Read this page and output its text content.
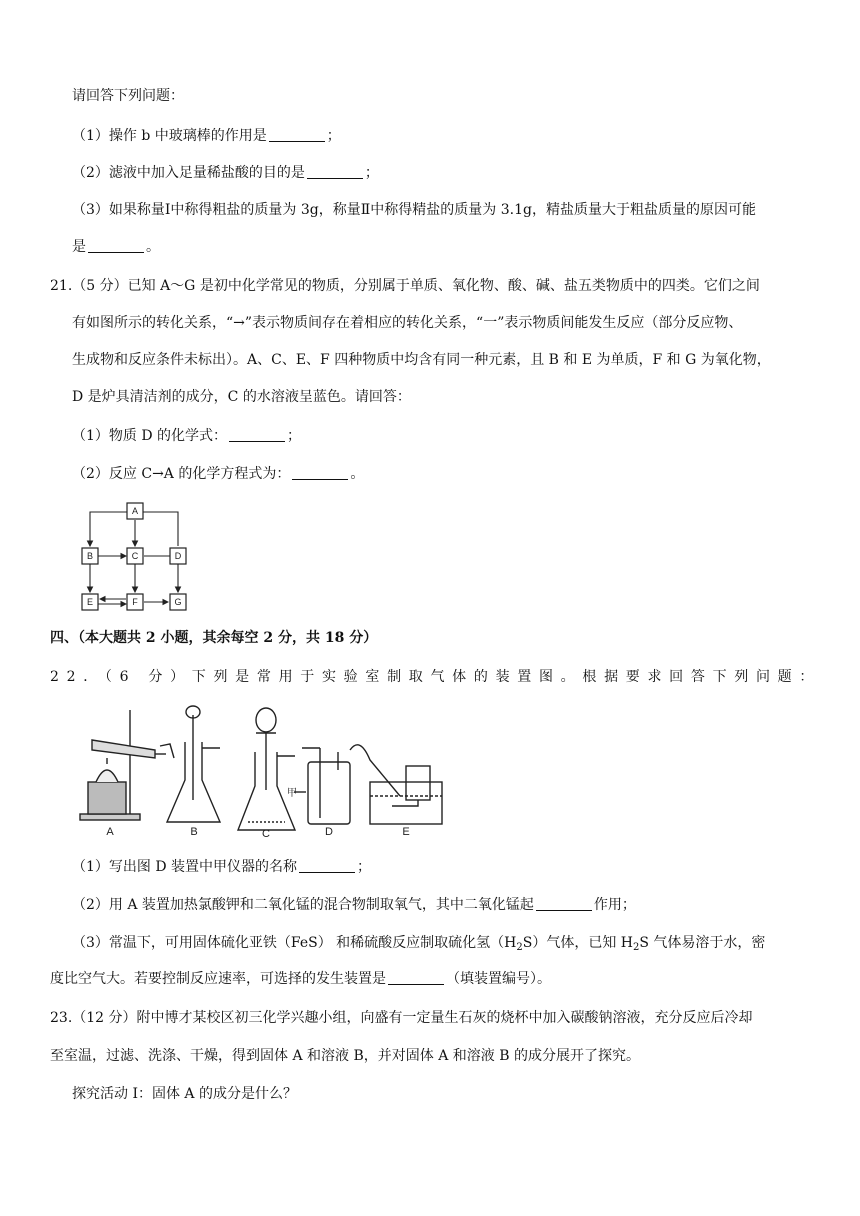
请回答下列问题：
（1）操作 b 中玻璃棒的作用是	；
（2）滤液中加入足量稀盐酸的目的是	；
（3）如果称量Ⅰ中称得粗盐的质量为 3g，称量Ⅱ中称得精盐的质量为 3.1g，精盐质量大于粗盐质量的原因可能
是	。
21.（5 分）已知 A～G 是初中化学常见的物质，分别属于单质、氧化物、酸、碱、盐五类物质中的四类。它们之间
有如图所示的转化关系，“→”表示物质间存在着相应的转化关系，“一”表示物质间能发生反应（部分反应物、
生成物和反应条件未标出）。A、C、E、F 四种物质中均含有同一种元素，且 B 和 E 为单质，F 和 G 为氧化物，
D 是炉具清洁剂的成分，C 的水溶液呈蓝色。请回答：
（1）物质 D 的化学式：	；
（2）反应 C→A 的化学方程式为：	。
A
B	C	D
E	F	G
四、（本大题共 2 小题，其余每空 2 分，共 18 分）
22．（6 分）下列是常用于实验室制取气体的装置图。根据要求回答下列问题：
A	B	C	D	E
甲
（1）写出图 D 装置中甲仪器的名称	；
（2）用 A 装置加热氯酸钾和二氧化锰的混合物制取氧气，其中二氧化锰起	作用；
（3）常温下，可用固体硫化亚铁（FeS） 和稀硫酸反应制取硫化氢$(H_2S)$气体，已知 $H_2S$ 气体易溶于水，密
度比空气大。若要控制反应速率，可选择的发生装置是	（填装置编号）。
23.（12 分）附中博才某校区初三化学兴趣小组，向盛有一定量生石灰的烧杯中加入碳酸钠溶液，充分反应后冷却
至室温，过滤、洗涤、干燥，得到固体 A 和溶液 B，并对固体 A 和溶液 B 的成分展开了探究。
探究活动 I：固体 A 的成分是什么？
